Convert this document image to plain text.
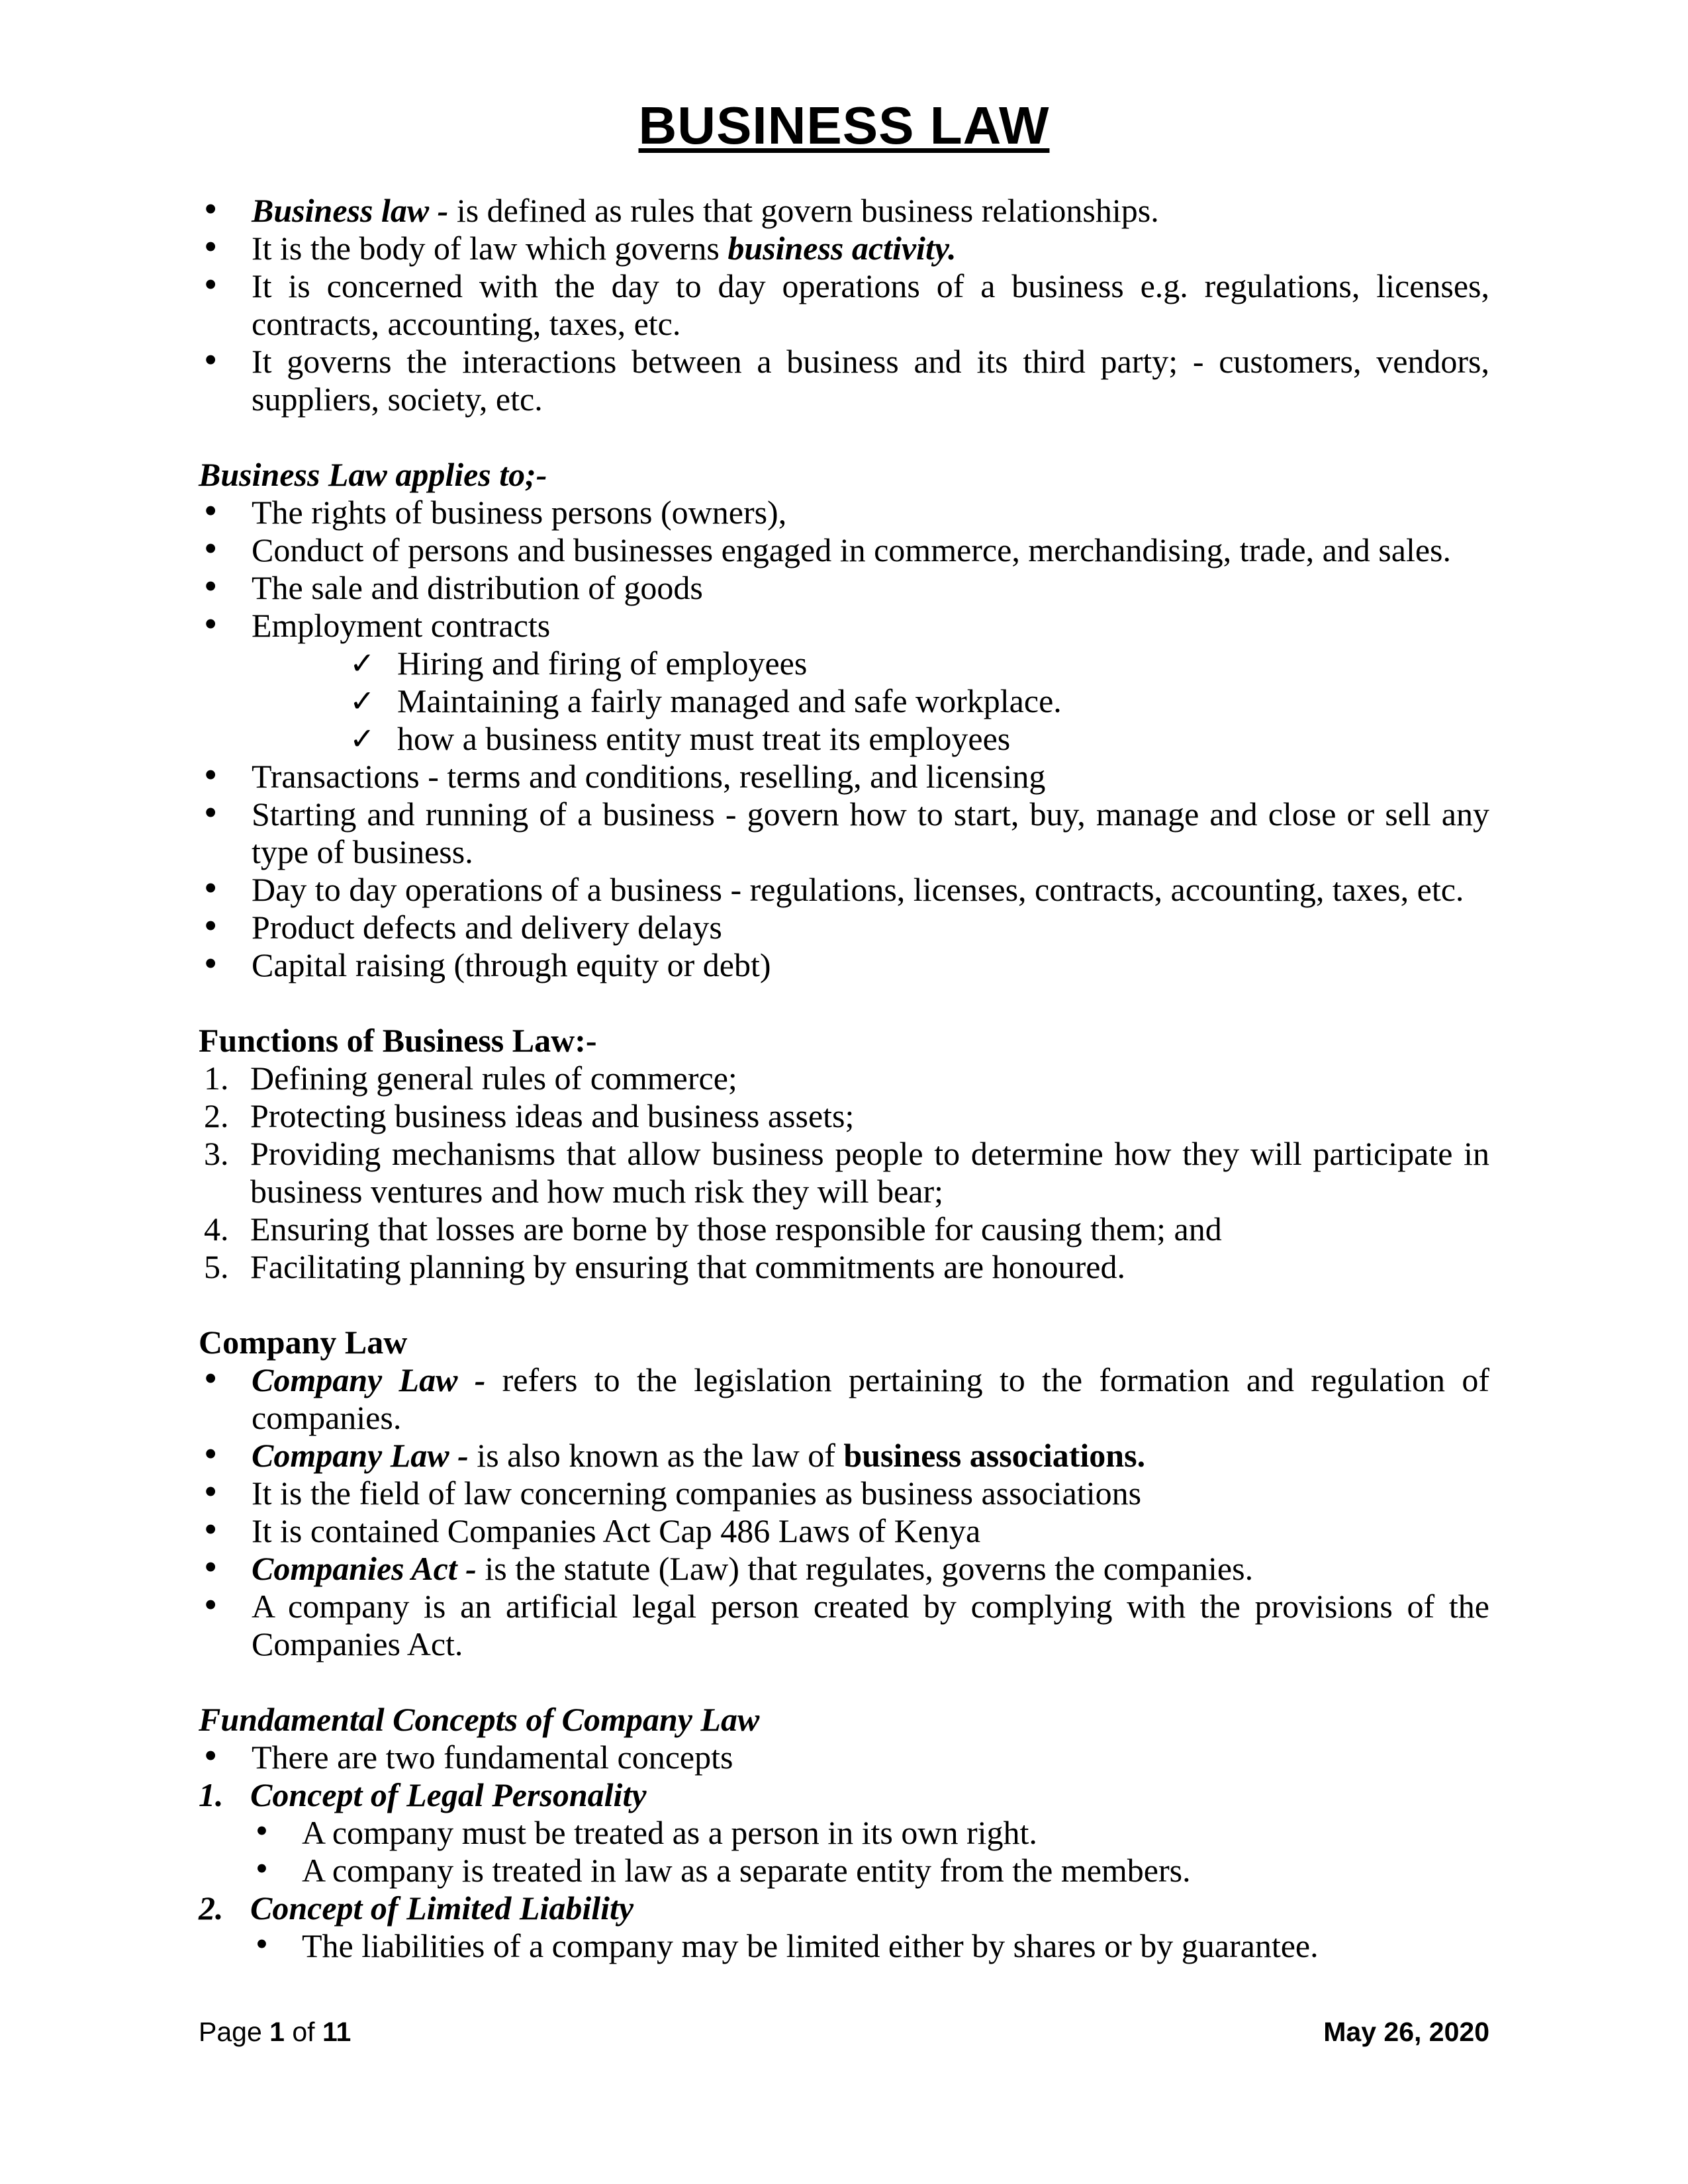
BUSINESS LAW
• Business law - is defined as rules that govern business relationships.

• It is the body of law which governs business activity.

• It is concerned with the day to day operations of a business e.g. regulations, licenses, contracts, accounting, taxes, etc.

• It governs the interactions between a business and its third party; - customers, vendors, suppliers, society, etc.

Business Law applies to;-
• The rights of business persons (owners),

• Conduct of persons and businesses engaged in commerce, merchandising, trade, and sales.

• The sale and distribution of goods

• Employment contracts

✓ Hiring and firing of employees

✓ Maintaining a fairly managed and safe workplace.

✓ how a business entity must treat its employees

• Transactions - terms and conditions, reselling, and licensing

• Starting and running of a business - govern how to start, buy, manage and close or sell any type of business.

• Day to day operations of a business - regulations, licenses, contracts, accounting, taxes, etc.

• Product defects and delivery delays

• Capital raising (through equity or debt)

Functions of Business Law:-
1. Defining general rules of commerce;

2. Protecting business ideas and business assets;

3. Providing mechanisms that allow business people to determine how they will participate in business ventures and how much risk they will bear;

4. Ensuring that losses are borne by those responsible for causing them; and

5. Facilitating planning by ensuring that commitments are honoured.

Company Law
• Company Law - refers to the legislation pertaining to the formation and regulation of companies.

• Company Law - is also known as the law of business associations.

• It is the field of law concerning companies as business associations

• It is contained Companies Act Cap 486 Laws of Kenya

• Companies Act - is the statute (Law) that regulates, governs the companies.

• A company is an artificial legal person created by complying with the provisions of the Companies Act.

Fundamental Concepts of Company Law
• There are two fundamental concepts

1. Concept of Legal Personality

• A company must be treated as a person in its own right.

• A company is treated in law as a separate entity from the members.

2. Concept of Limited Liability

• The liabilities of a company may be limited either by shares or by guarantee.

Page 1 of 11	May 26, 2020
